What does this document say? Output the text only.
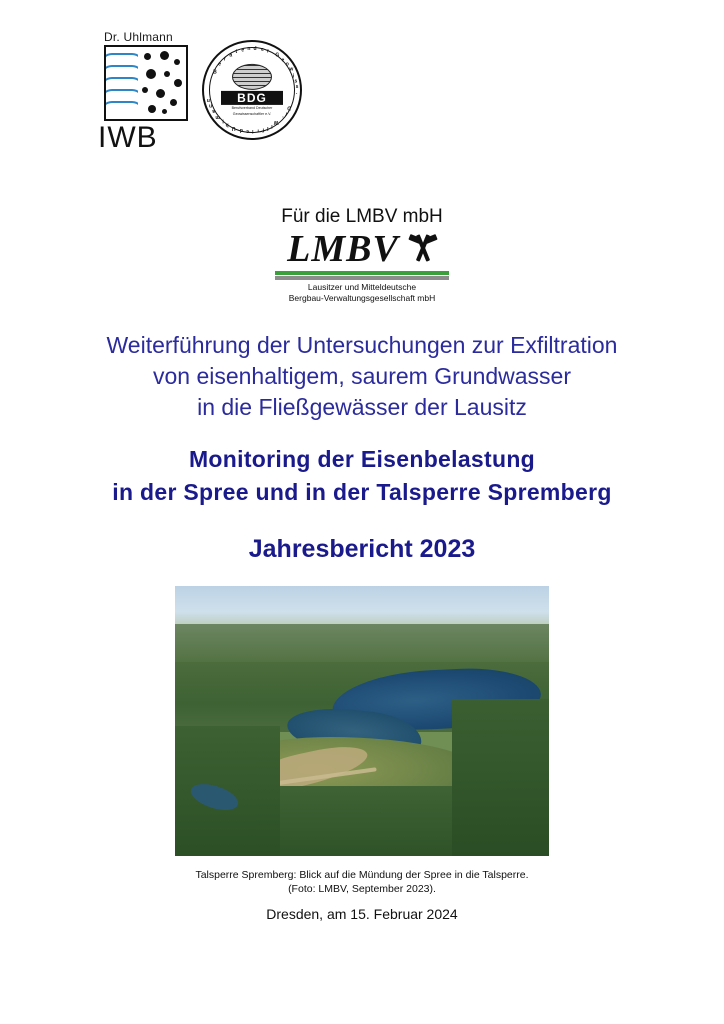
Dr. Uhlmann
IWB
B
e
r
a
t e n d e r
G
e
o
w
i
s
s
.
D
r
.
W
i
l
f
r
i
e
d
U
h
l
m
a
n
n	BDG
Berufsverband Deutscher
Geowissenschaftler e.V.
Für die LMBV mbH
LMBV
Lausitzer und Mitteldeutsche
Bergbau-Verwaltungsgesellschaft mbH
Weiterführung der Untersuchungen zur Exfiltration
von eisenhaltigem, saurem Grundwasser
in die Fließgewässer der Lausitz
Monitoring der Eisenbelastung
in der Spree und in der Talsperre Spremberg
Jahresbericht 2023
Talsperre Spremberg: Blick auf die Mündung der Spree in die Talsperre.
(Foto: LMBV, September 2023).
Dresden, am 15. Februar 2024
